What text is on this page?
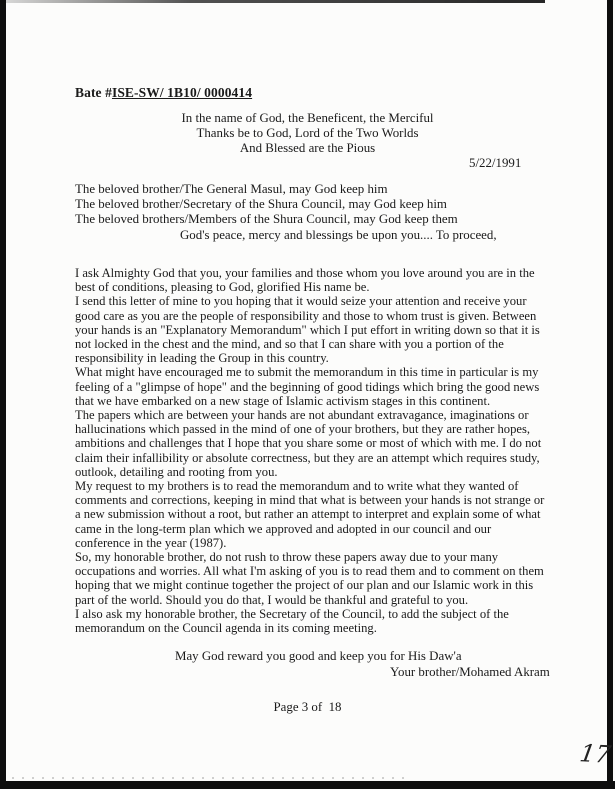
Bate #ISE-SW/ 1B10/ 0000414
In the name of God, the Beneficent, the Merciful
Thanks be to God, Lord of the Two Worlds
And Blessed are the Pious
5/22/1991
The beloved brother/The General Masul, may God keep him
The beloved brother/Secretary of the Shura Council, may God keep him
The beloved brothers/Members of the Shura Council, may God keep them
God's peace, mercy and blessings be upon you.... To proceed,

I ask Almighty God that you, your families and those whom you love around you are in the best of conditions, pleasing to God, glorified His name be.

I send this letter of mine to you hoping that it would seize your attention and receive your good care as you are the people of responsibility and those to whom trust is given. Between your hands is an "Explanatory Memorandum" which I put effort in writing down so that it is not locked in the chest and the mind, and so that I can share with you a portion of the responsibility in leading the Group in this country.

What might have encouraged me to submit the memorandum in this time in particular is my feeling of a "glimpse of hope" and the beginning of good tidings which bring the good news that we have embarked on a new stage of Islamic activism stages in this continent.

The papers which are between your hands are not abundant extravagance, imaginations or hallucinations which passed in the mind of one of your brothers, but they are rather hopes, ambitions and challenges that I hope that you share some or most of which with me. I do not claim their infallibility or absolute correctness, but they are an attempt which requires study, outlook, detailing and rooting from you.

My request to my brothers is to read the memorandum and to write what they wanted of comments and corrections, keeping in mind that what is between your hands is not strange or a new submission without a root, but rather an attempt to interpret and explain some of what came in the long-term plan which we approved and adopted in our council and our conference in the year (1987).

So, my honorable brother, do not rush to throw these papers away due to your many occupations and worries. All what I'm asking of you is to read them and to comment on them hoping that we might continue together the project of our plan and our Islamic work in this part of the world. Should you do that, I would be thankful and grateful to you.

I also ask my honorable brother, the Secretary of the Council, to add the subject of the memorandum on the Council agenda in its coming meeting.

May God reward you good and keep you for His Daw'a
Your brother/Mohamed Akram
Page 3 of  18
17
